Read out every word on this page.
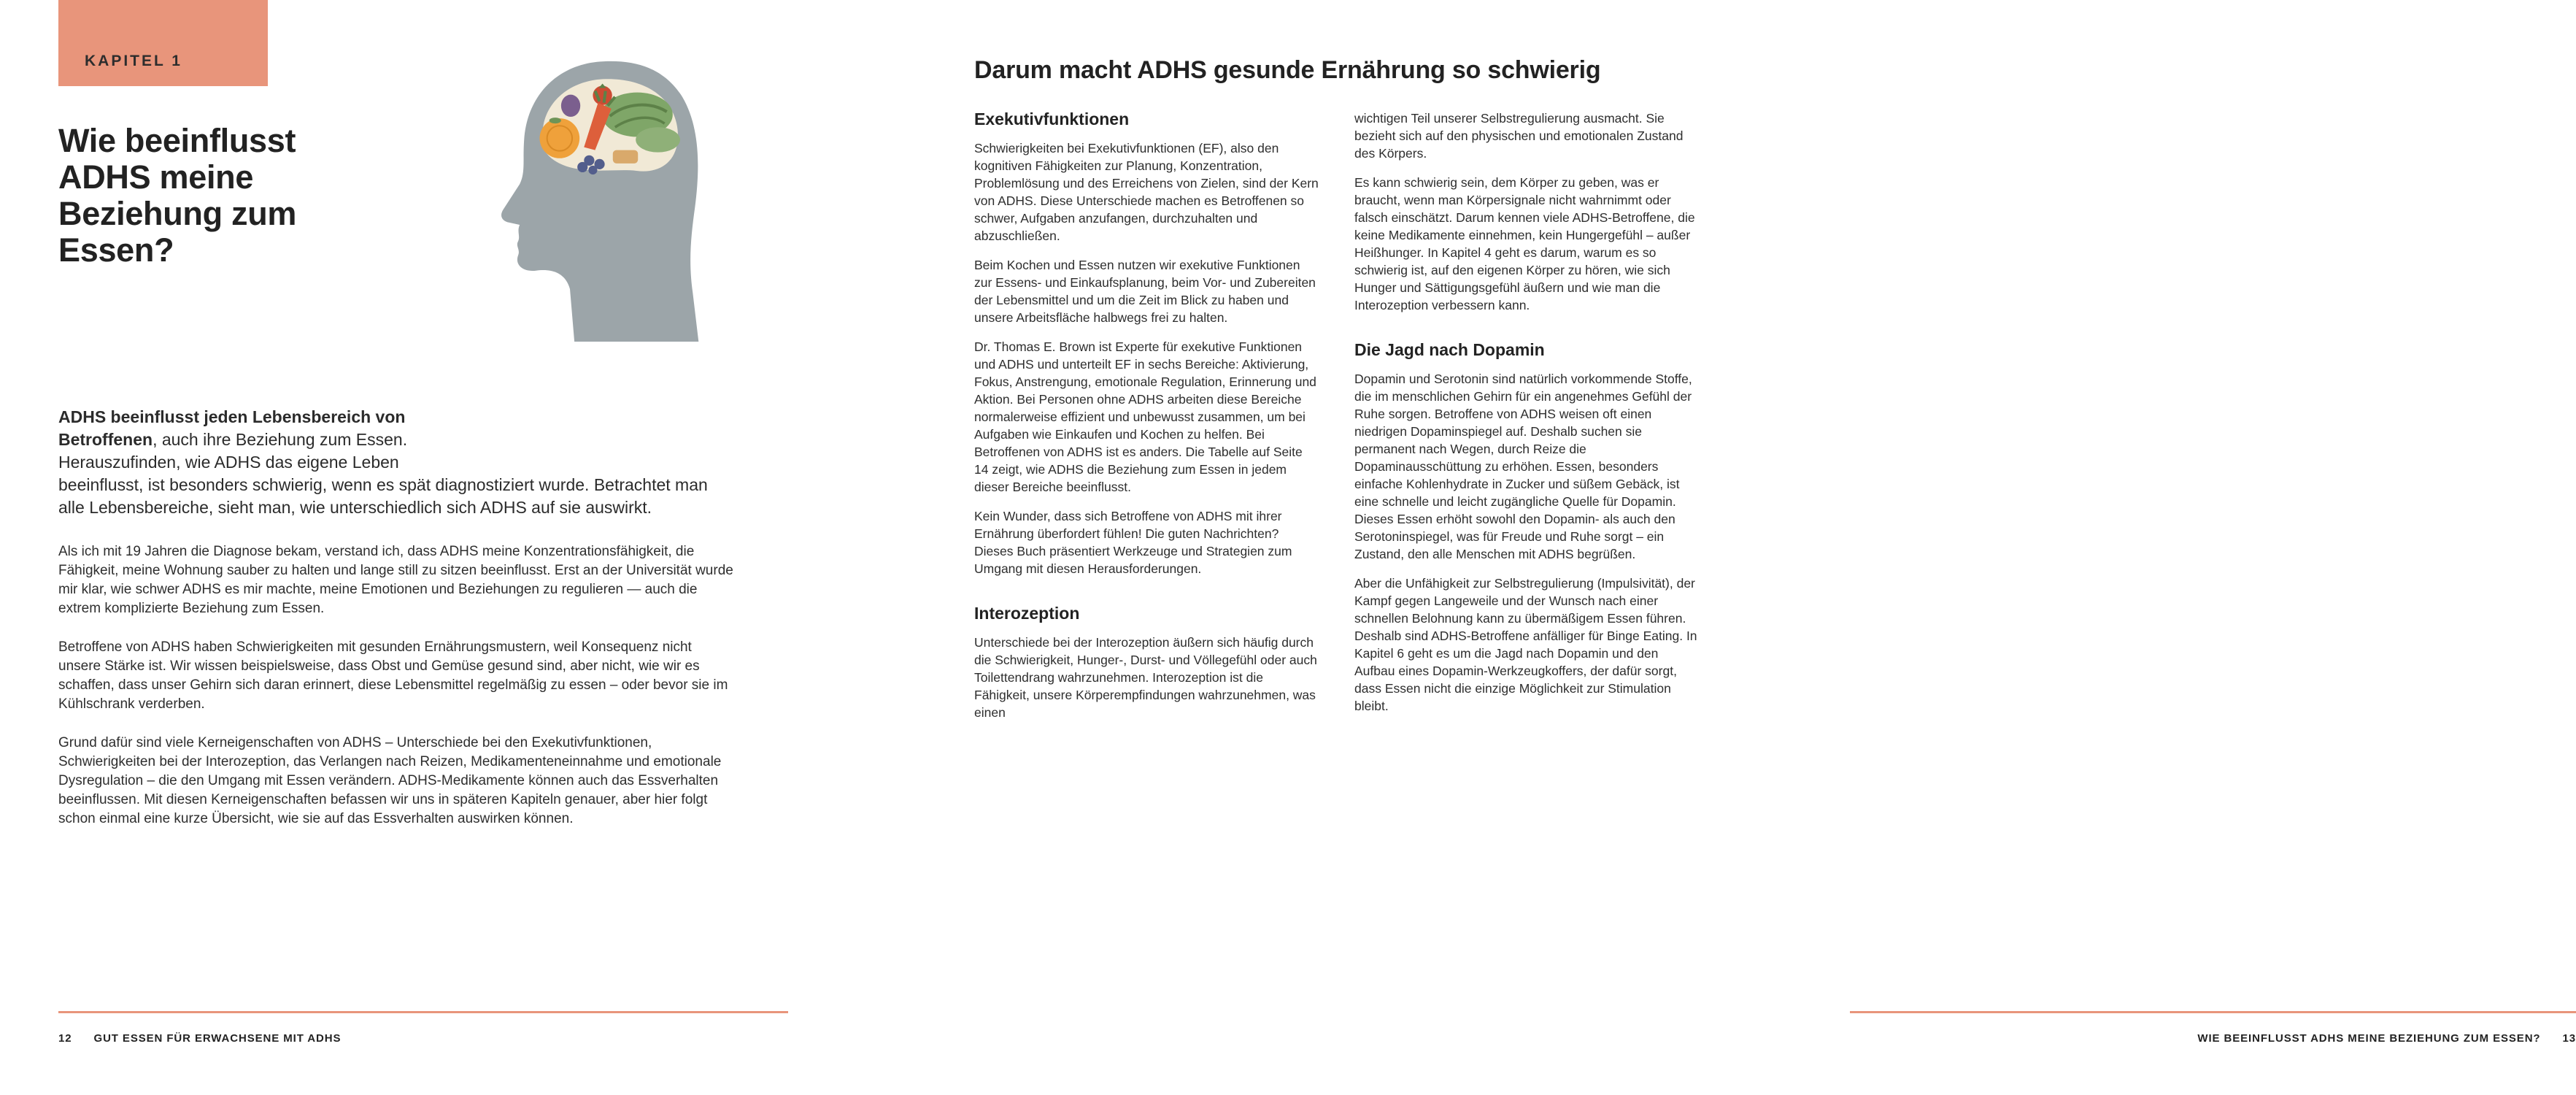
KAPITEL 1
Wie beeinflusst
ADHS meine
Beziehung zum
Essen?

ADHS beeinflusst jeden Lebensbereich von Betroffenen, auch ihre Beziehung zum Essen. Herauszufinden, wie ADHS das eigene Leben beeinflusst, ist besonders schwierig, wenn es spät diagnostiziert wurde. Betrachtet man alle Lebensbereiche, sieht man, wie unterschiedlich sich ADHS auf sie auswirkt.

Als ich mit 19 Jahren die Diagnose bekam, verstand ich, dass ADHS meine Konzentrationsfähigkeit, die Fähigkeit, meine Wohnung sauber zu halten und lange still zu sitzen beeinflusst. Erst an der Universität wurde mir klar, wie schwer ADHS es mir machte, meine Emotionen und Beziehungen zu regulieren — auch die extrem komplizierte Beziehung zum Essen.

Betroffene von ADHS haben Schwierigkeiten mit gesunden Ernährungsmustern, weil Konsequenz nicht unsere Stärke ist. Wir wissen beispielsweise, dass Obst und Gemüse gesund sind, aber nicht, wie wir es schaffen, dass unser Gehirn sich daran erinnert, diese Lebensmittel regelmäßig zu essen – oder bevor sie im Kühlschrank verderben.

Grund dafür sind viele Kerneigenschaften von ADHS – Unterschiede bei den Exekutivfunktionen, Schwierigkeiten bei der Interozeption, das Verlangen nach Reizen, Medikamenteneinnahme und emotionale Dysregulation – die den Umgang mit Essen verändern. ADHS-Medikamente können auch das Essverhalten beeinflussen. Mit diesen Kerneigenschaften befassen wir uns in späteren Kapiteln genauer, aber hier folgt schon einmal eine kurze Übersicht, wie sie auf das Essverhalten auswirken können.

12 GUT ESSEN FÜR ERWACHSENE MIT ADHS
Darum macht ADHS gesunde Ernährung so schwierig
Exekutivfunktionen

Schwierigkeiten bei Exekutivfunktionen (EF), also den kognitiven Fähigkeiten zur Planung, Konzentration, Problemlösung und des Erreichens von Zielen, sind der Kern von ADHS. Diese Unterschiede machen es Betroffenen so schwer, Aufgaben anzufangen, durchzuhalten und abzuschließen.

Beim Kochen und Essen nutzen wir exekutive Funktionen zur Essens- und Einkaufsplanung, beim Vor- und Zubereiten der Lebensmittel und um die Zeit im Blick zu haben und unsere Arbeitsfläche halbwegs frei zu halten.

Dr. Thomas E. Brown ist Experte für exekutive Funktionen und ADHS und unterteilt EF in sechs Bereiche: Aktivierung, Fokus, Anstrengung, emotionale Regulation, Erinnerung und Aktion. Bei Personen ohne ADHS arbeiten diese Bereiche normalerweise effizient und unbewusst zusammen, um bei Aufgaben wie Einkaufen und Kochen zu helfen. Bei Betroffenen von ADHS ist es anders. Die Tabelle auf Seite 14 zeigt, wie ADHS die Beziehung zum Essen in jedem dieser Bereiche beeinflusst.

Kein Wunder, dass sich Betroffene von ADHS mit ihrer Ernährung überfordert fühlen! Die guten Nachrichten? Dieses Buch präsentiert Werkzeuge und Strategien zum Umgang mit diesen Herausforderungen.

Interozeption

Unterschiede bei der Interozeption äußern sich häufig durch die Schwierigkeit, Hunger-, Durst- und Völlegefühl oder auch Toilettendrang wahrzunehmen. Interozeption ist die Fähigkeit, unsere Körperempfindungen wahrzunehmen, was einen

wichtigen Teil unserer Selbstregulierung ausmacht. Sie bezieht sich auf den physischen und emotionalen Zustand des Körpers.

Es kann schwierig sein, dem Körper zu geben, was er braucht, wenn man Körpersignale nicht wahrnimmt oder falsch einschätzt. Darum kennen viele ADHS-Betroffene, die keine Medikamente einnehmen, kein Hungergefühl – außer Heißhunger. In Kapitel 4 geht es darum, warum es so schwierig ist, auf den eigenen Körper zu hören, wie sich Hunger und Sättigungsgefühl äußern und wie man die Interozeption verbessern kann.

Die Jagd nach Dopamin

Dopamin und Serotonin sind natürlich vorkommende Stoffe, die im menschlichen Gehirn für ein angenehmes Gefühl der Ruhe sorgen. Betroffene von ADHS weisen oft einen niedrigen Dopaminspiegel auf. Deshalb suchen sie permanent nach Wegen, durch Reize die Dopaminausschüttung zu erhöhen. Essen, besonders einfache Kohlenhydrate in Zucker und süßem Gebäck, ist eine schnelle und leicht zugängliche Quelle für Dopamin. Dieses Essen erhöht sowohl den Dopamin- als auch den Serotoninspiegel, was für Freude und Ruhe sorgt – ein Zustand, den alle Menschen mit ADHS begrüßen.

Aber die Unfähigkeit zur Selbstregulierung (Impulsivität), der Kampf gegen Langeweile und der Wunsch nach einer schnellen Belohnung kann zu übermäßigem Essen führen. Deshalb sind ADHS-Betroffene anfälliger für Binge Eating. In Kapitel 6 geht es um die Jagd nach Dopamin und den Aufbau eines Dopamin-Werkzeugkoffers, der dafür sorgt, dass Essen nicht die einzige Möglichkeit zur Stimulation bleibt.

WIE BEEINFLUSST ADHS MEINE BEZIEHUNG ZUM ESSEN? 13
